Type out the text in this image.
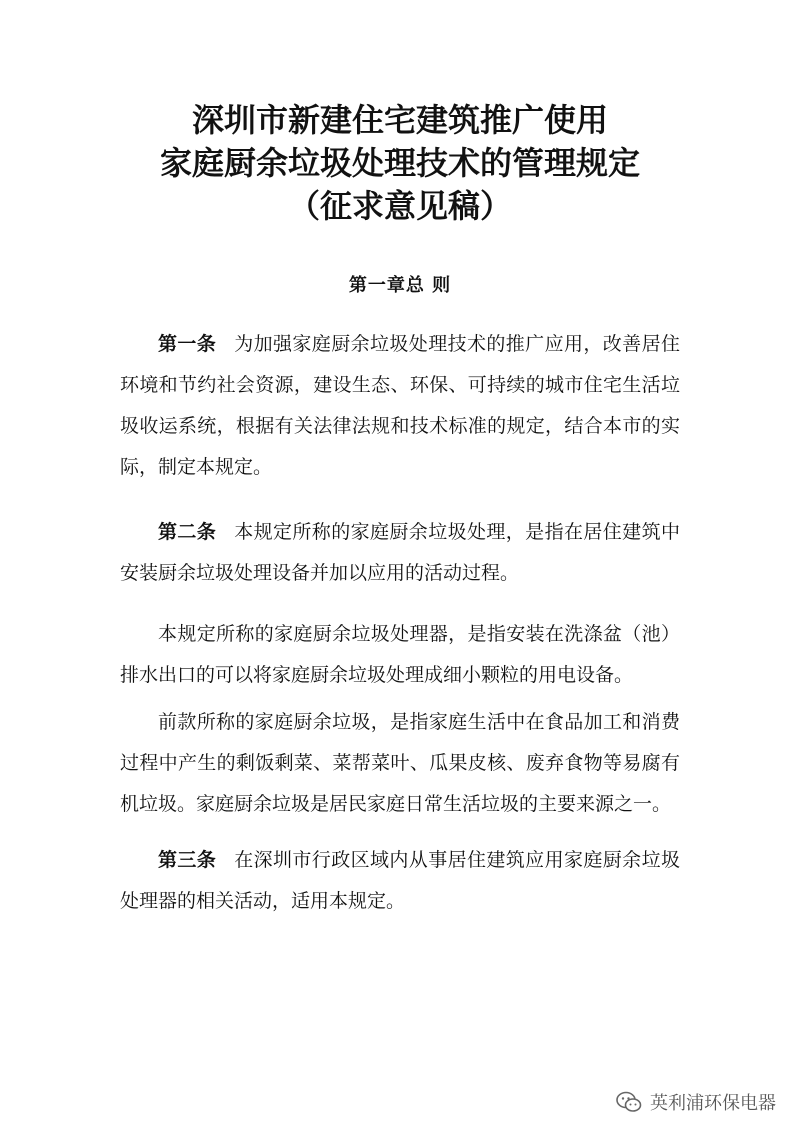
深圳市新建住宅建筑推广使用
家庭厨余垃圾处理技术的管理规定
（征求意见稿）
第一章总 则

第一条 为加强家庭厨余垃圾处理技术的推广应用，改善居住环境和节约社会资源，建设生态、环保、可持续的城市住宅生活垃圾收运系统，根据有关法律法规和技术标准的规定，结合本市的实际，制定本规定。

第二条 本规定所称的家庭厨余垃圾处理，是指在居住建筑中安装厨余垃圾处理设备并加以应用的活动过程。

本规定所称的家庭厨余垃圾处理器，是指安装在洗涤盆（池）排水出口的可以将家庭厨余垃圾处理成细小颗粒的用电设备。

前款所称的家庭厨余垃圾，是指家庭生活中在食品加工和消费过程中产生的剩饭剩菜、菜帮菜叶、瓜果皮核、废弃食物等易腐有机垃圾。家庭厨余垃圾是居民家庭日常生活垃圾的主要来源之一。

第三条 在深圳市行政区域内从事居住建筑应用家庭厨余垃圾处理器的相关活动，适用本规定。

英利浦环保电器
